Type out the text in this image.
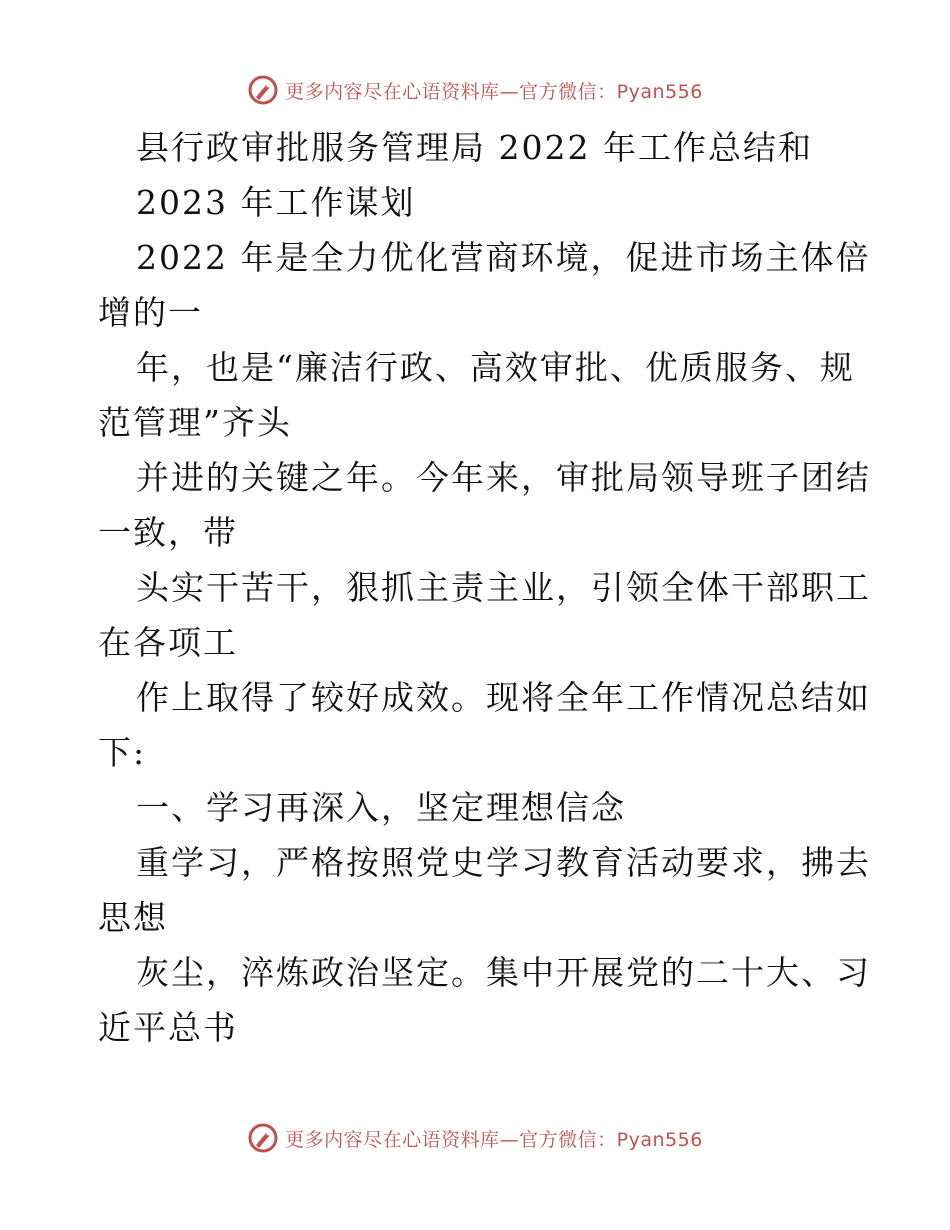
更多内容尽在心语资料库—官方微信：Pyan556
县行政审批服务管理局 2022 年工作总结和
2023 年工作谋划
2022 年是全力优化营商环境，促进市场主体倍
增的一
年，也是“廉洁行政、高效审批、优质服务、规
范管理”齐头
并进的关键之年。今年来，审批局领导班子团结
一致，带
头实干苦干，狠抓主责主业，引领全体干部职工
在各项工
作上取得了较好成效。现将全年工作情况总结如
下:
一、学习再深入，坚定理想信念
重学习，严格按照党史学习教育活动要求，拂去
思想
灰尘，淬炼政治坚定。集中开展党的二十大、习
近平总书
更多内容尽在心语资料库—官方微信：Pyan556
